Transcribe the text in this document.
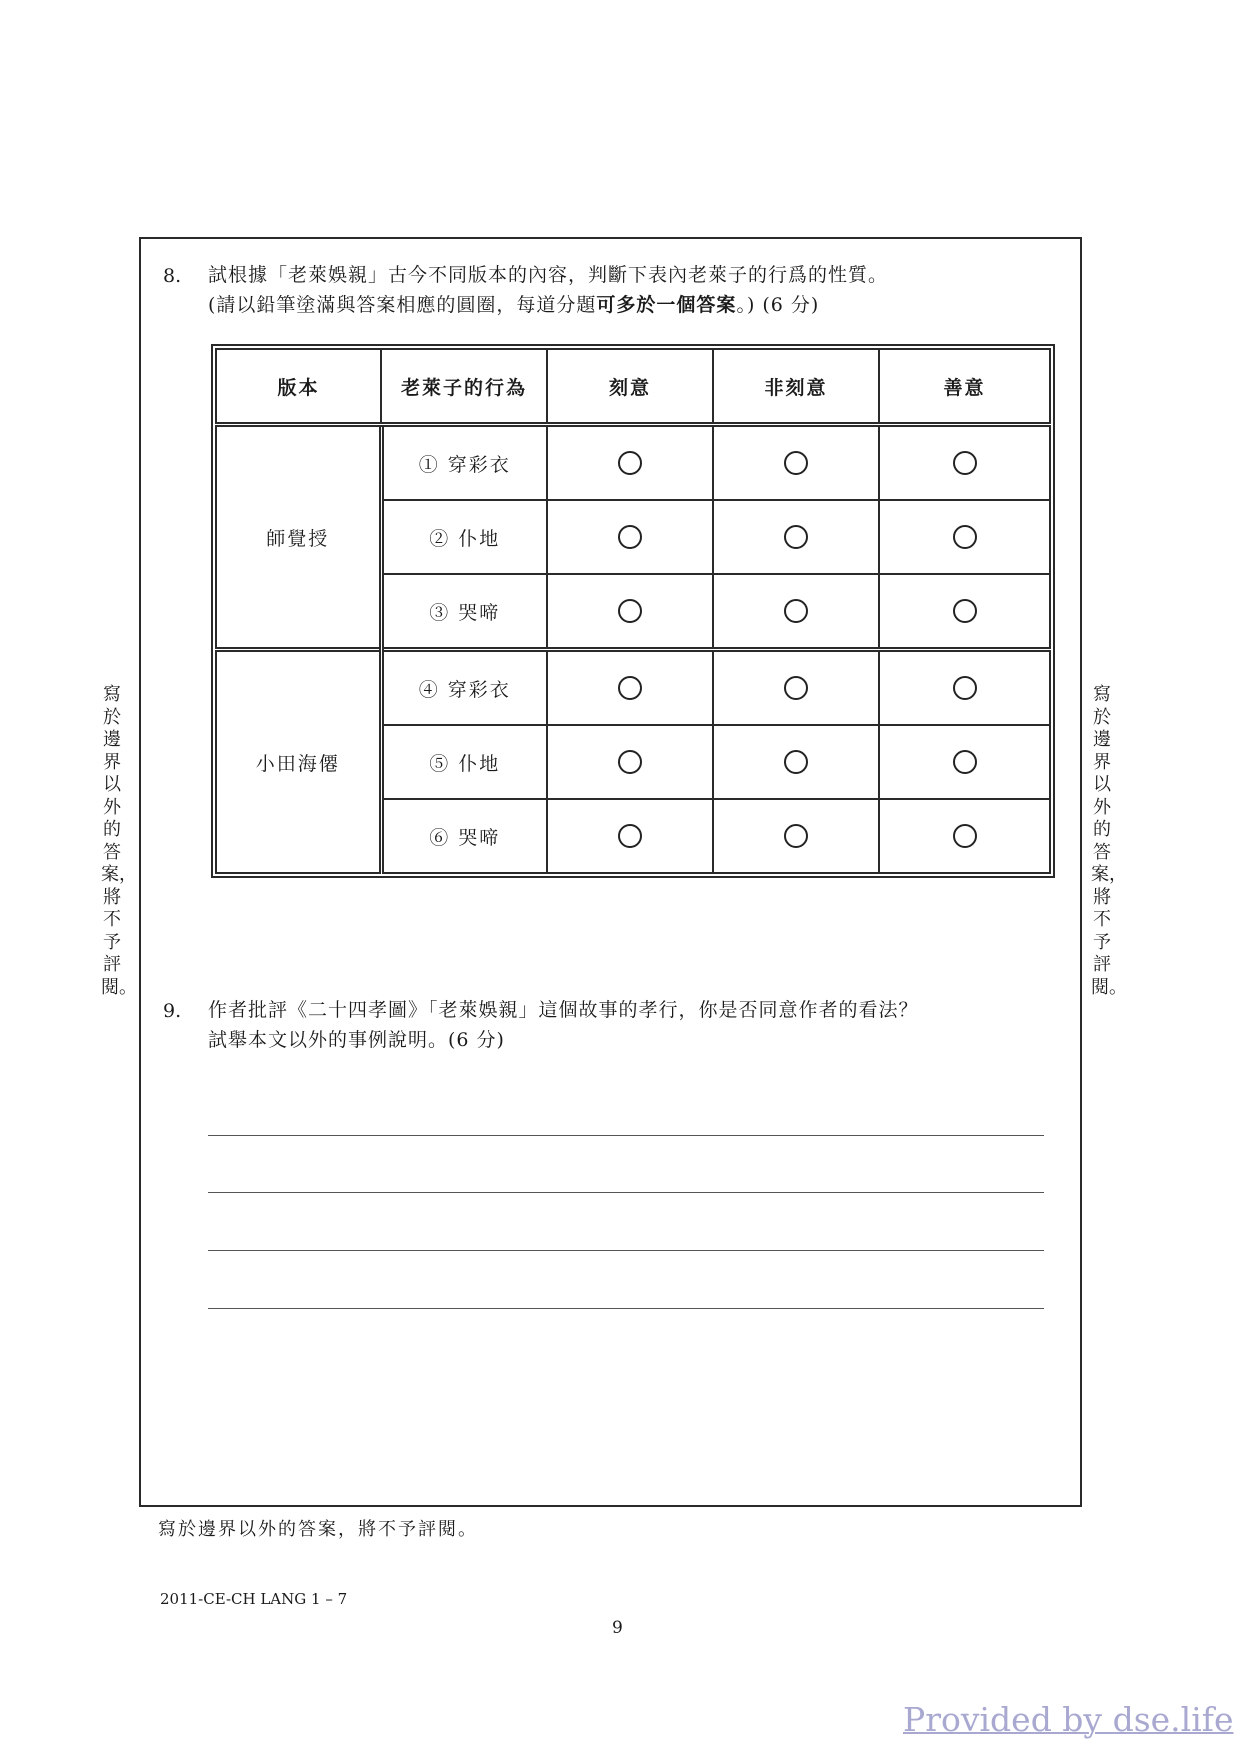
8. 試根據「老萊娛親」古今不同版本的內容，判斷下表內老萊子的行爲的性質。
(請以鉛筆塗滿與答案相應的圓圈，每道分題可多於一個答案。) (6 分)
版本	老萊子的行為	刻意	非刻意	善意
師覺授	① 穿彩衣			
	② 仆地			
	③ 哭啼			
小田海僊	④ 穿彩衣			
	⑤ 仆地			
	⑥ 哭啼			
9. 作者批評《二十四孝圖》「老萊娛親」這個故事的孝行，你是否同意作者的看法？
試舉本文以外的事例說明。(6 分)
寫於邊界以外的答案，將不予評閱。
寫於邊界以外的答案，將不予評閱。
寫於邊界以外的答案，將不予評閱。
2011-CE-CH LANG 1 – 7
9
Provided by dse.life
